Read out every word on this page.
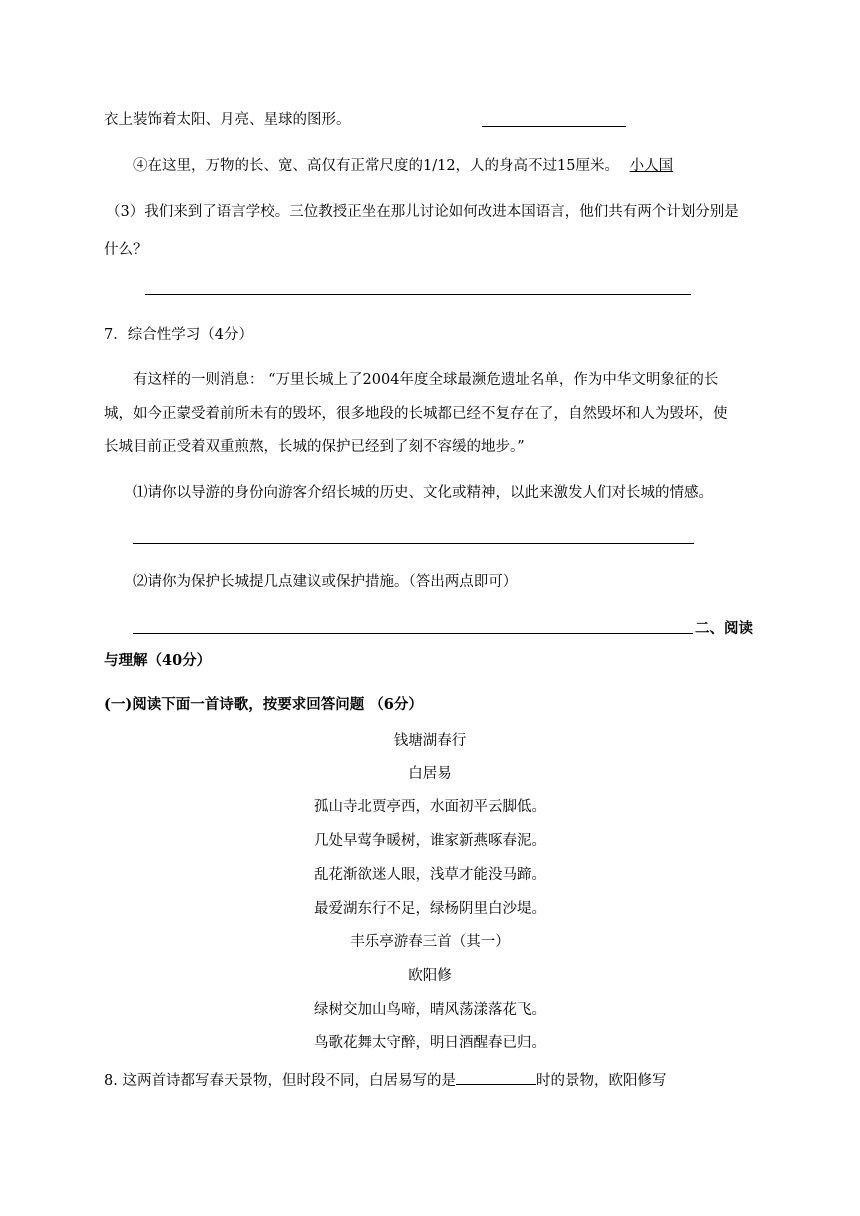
衣上装饰着太阳、月亮、星球的图形。
④在这里，万物的长、宽、高仅有正常尺度的1/12，人的身高不过15厘米。 小人国
（3）我们来到了语言学校。三位教授正坐在那儿讨论如何改进本国语言，他们共有两个计划分别是
什么？
7．综合性学习（4分）
有这样的一则消息： “万里长城上了2004年度全球最濒危遗址名单，作为中华文明象征的长
城，如今正蒙受着前所未有的毁坏，很多地段的长城都已经不复存在了，自然毁坏和人为毁坏，使
长城目前正受着双重煎熬，长城的保护已经到了刻不容缓的地步。”
⑴请你以导游的身份向游客介绍长城的历史、文化或精神，以此来激发人们对长城的情感。
⑵请你为保护长城提几点建议或保护措施。（答出两点即可）
二、阅读
与理解（40分）
(一)阅读下面一首诗歌，按要求回答问题 （6分）
钱塘湖春行
白居易
孤山寺北贾亭西，水面初平云脚低。
几处早莺争暖树，谁家新燕啄春泥。
乱花渐欲迷人眼，浅草才能没马蹄。
最爱湖东行不足，绿杨阴里白沙堤。
丰乐亭游春三首（其一）
欧阳修
绿树交加山鸟啼，晴风荡漾落花飞。
鸟歌花舞太守醉，明日酒醒春已归。
8. 这两首诗都写春天景物，但时段不同，白居易写的是	时的景物，欧阳修写
